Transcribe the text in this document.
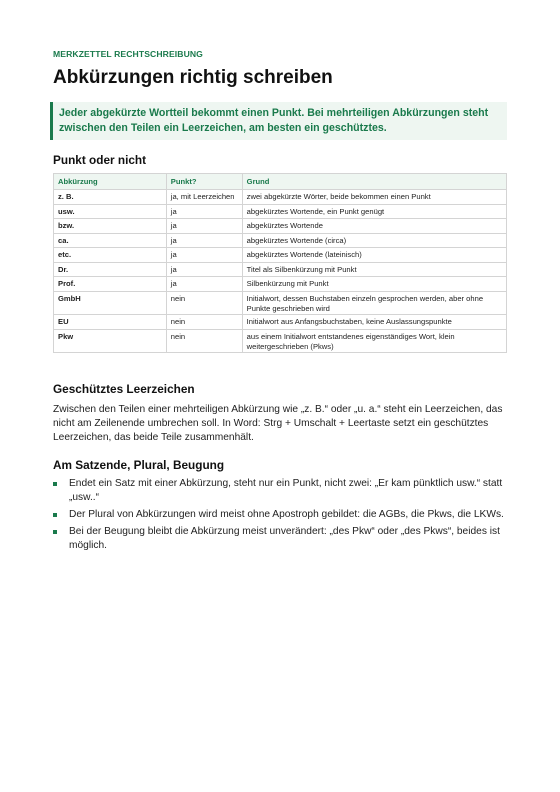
MERKZETTEL RECHTSCHREIBUNG
Abkürzungen richtig schreiben

Jeder abgekürzte Wortteil bekommt einen Punkt. Bei mehrteiligen Abkürzungen steht zwischen den Teilen ein Leerzeichen, am besten ein geschütztes.

Punkt oder nicht
Abkürzung	Punkt?	Grund
z. B.	ja, mit Leerzeichen	zwei abgekürzte Wörter, beide bekommen einen Punkt
usw.	ja	abgekürztes Wortende, ein Punkt genügt
bzw.	ja	abgekürztes Wortende
ca.	ja	abgekürztes Wortende (circa)
etc.	ja	abgekürztes Wortende (lateinisch)
Dr.	ja	Titel als Silbenkürzung mit Punkt
Prof.	ja	Silbenkürzung mit Punkt
GmbH	nein	Initialwort, dessen Buchstaben einzeln gesprochen werden, aber ohne Punkte geschrieben wird
EU	nein	Initialwort aus Anfangsbuchstaben, keine Auslassungspunkte
Pkw	nein	aus einem Initialwort entstandenes eigenständiges Wort, klein weitergeschrieben (Pkws)
Geschütztes Leerzeichen

Zwischen den Teilen einer mehrteiligen Abkürzung wie „z. B.“ oder „u. a.“ steht ein Leerzeichen, das nicht am Zeilenende umbrechen soll. In Word: Strg + Umschalt + Leertaste setzt ein geschütztes Leerzeichen, das beide Teile zusammenhält.

Am Satzende, Plural, Beugung
Endet ein Satz mit einer Abkürzung, steht nur ein Punkt, nicht zwei: „Er kam pünktlich usw.“ statt „usw..“
Der Plural von Abkürzungen wird meist ohne Apostroph gebildet: die AGBs, die Pkws, die LKWs.
Bei der Beugung bleibt die Abkürzung meist unverändert: „des Pkw“ oder „des Pkws“, beides ist möglich.
